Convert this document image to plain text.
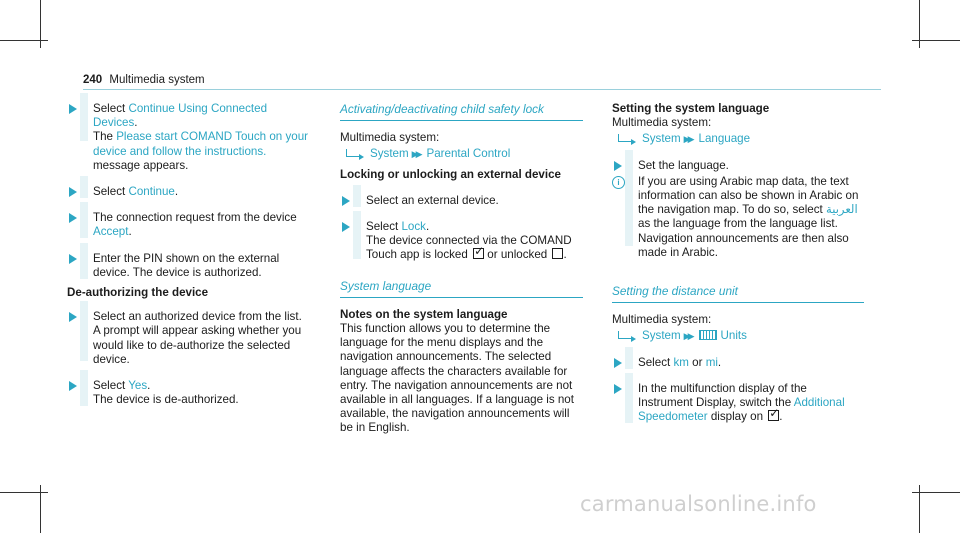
240 Multimedia system

Select Continue Using Connected Devices.
The Please start COMAND Touch on your device and follow the instructions. message appears.

Select Continue.

The connection request from the device Accept.

Enter the PIN shown on the external device. The device is authorized.

De-authorizing the device

Select an authorized device from the list. A prompt will appear asking whether you would like to de-authorize the selected device.

Select Yes.
The device is de-authorized.

Activating/deactivating child safety lock

Multimedia system:

System ▶▶ Parental Control

Locking or unlocking an external device

Select an external device.

Select Lock.
The device connected via the COMAND Touch app is locked ✓ or unlocked .

System language

Notes on the system language

This function allows you to determine the language for the menu displays and the navigation announcements. The selected language affects the characters available for entry. The navigation announcements are not available in all languages. If a language is not available, the navigation announcements will be in English.

Setting the system language

Multimedia system:

System ▶▶ Language

Set the language.

i	If you are using Arabic map data, the text information can also be shown in Arabic on the navigation map. To do so, select العربية as the language from the language list. Navigation announcements are then also made in Arabic.

Setting the distance unit

Multimedia system:

System ▶▶	Units

Select km or mi.

In the multifunction display of the Instrument Display, switch the Additional Speedometer display on ✓.

carmanualsonline.info
